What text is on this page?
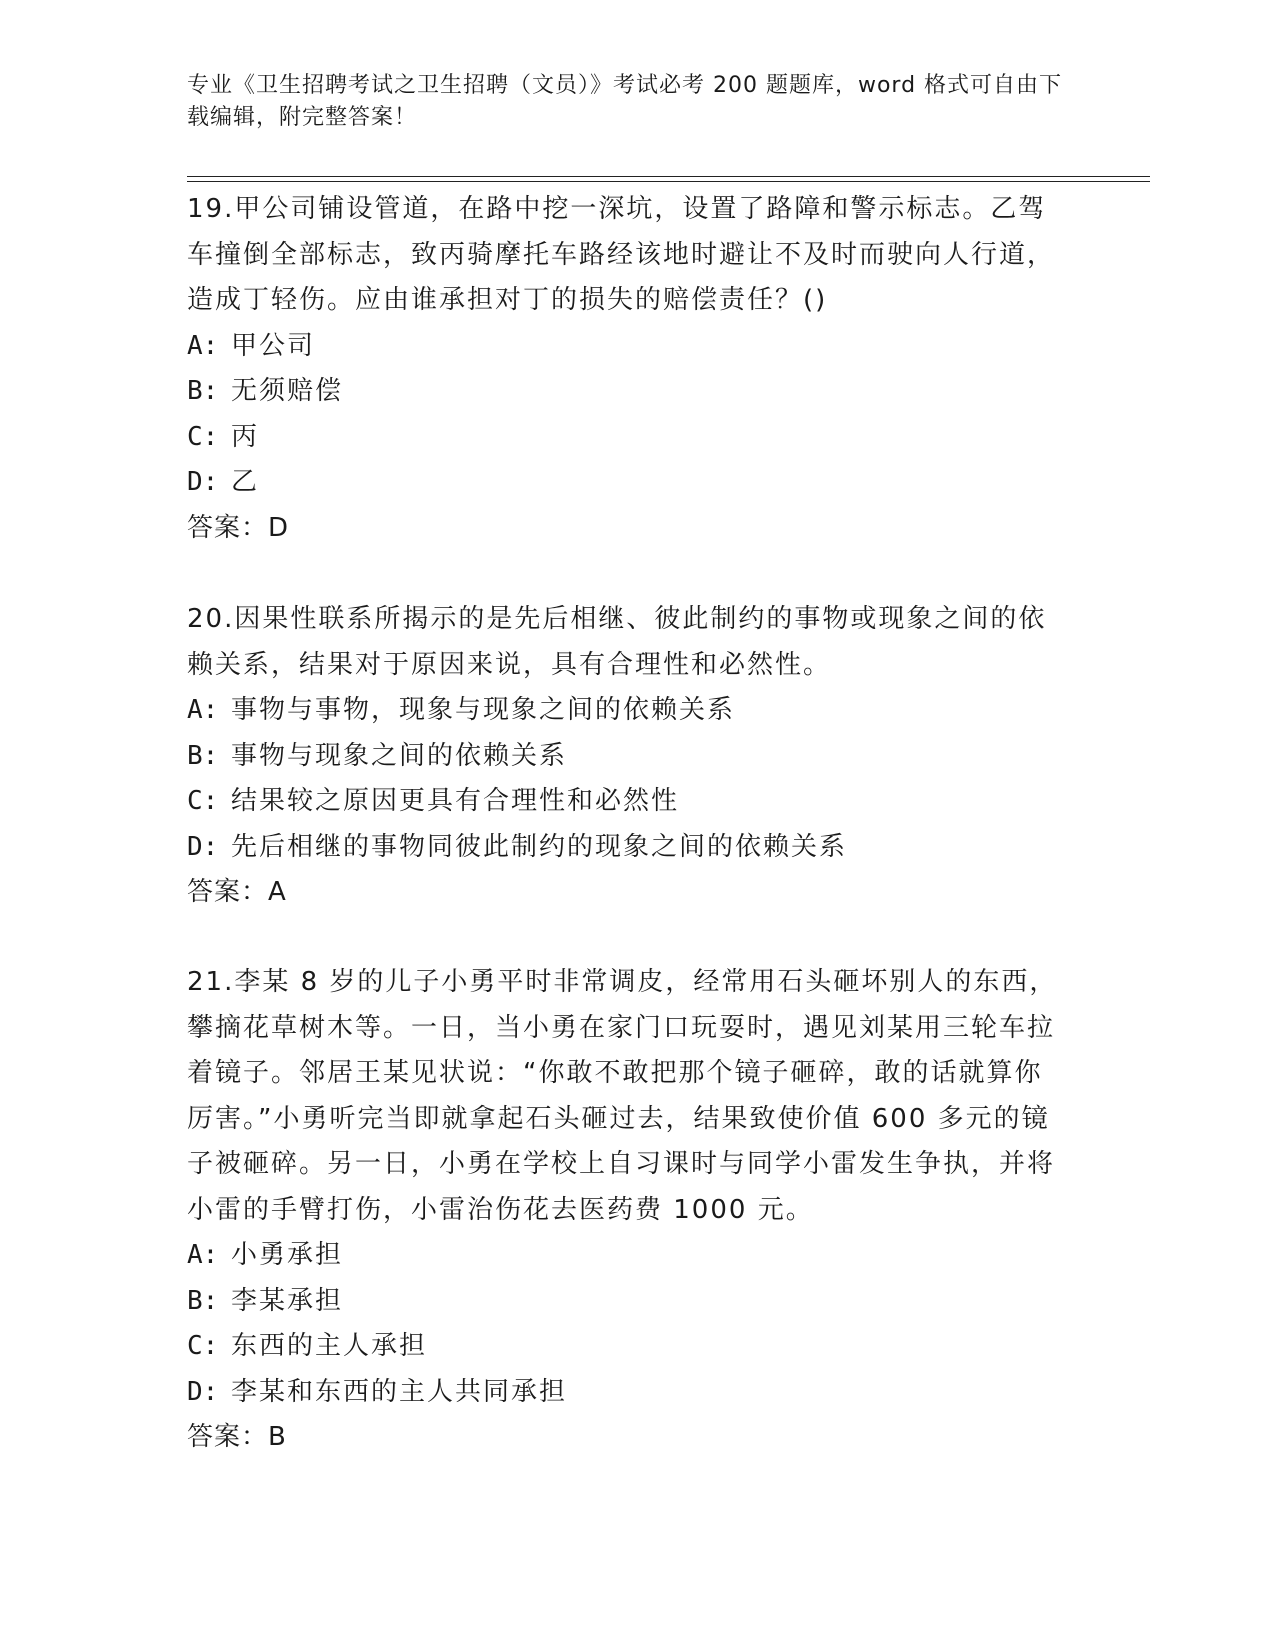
专业《卫生招聘考试之卫生招聘（文员）》考试必考 200 题题库，word 格式可自由下载编辑，附完整答案！

19.甲公司铺设管道，在路中挖一深坑，设置了路障和警示标志。乙驾车撞倒全部标志，致丙骑摩托车路经该地时避让不及时而驶向人行道，造成丁轻伤。应由谁承担对丁的损失的赔偿责任？()

A: 甲公司

B: 无须赔偿

C: 丙

D: 乙

答案：D

20.因果性联系所揭示的是先后相继、彼此制约的事物或现象之间的依赖关系，结果对于原因来说，具有合理性和必然性。

A: 事物与事物，现象与现象之间的依赖关系

B: 事物与现象之间的依赖关系

C: 结果较之原因更具有合理性和必然性

D: 先后相继的事物同彼此制约的现象之间的依赖关系

答案：A

21.李某 8 岁的儿子小勇平时非常调皮，经常用石头砸坏别人的东西，攀摘花草树木等。一日，当小勇在家门口玩耍时，遇见刘某用三轮车拉着镜子。邻居王某见状说：“你敢不敢把那个镜子砸碎，敢的话就算你厉害。”小勇听完当即就拿起石头砸过去，结果致使价值 600 多元的镜子被砸碎。另一日，小勇在学校上自习课时与同学小雷发生争执，并将小雷的手臂打伤，小雷治伤花去医药费 1000 元。

A: 小勇承担

B: 李某承担

C: 东西的主人承担

D: 李某和东西的主人共同承担

答案：B
